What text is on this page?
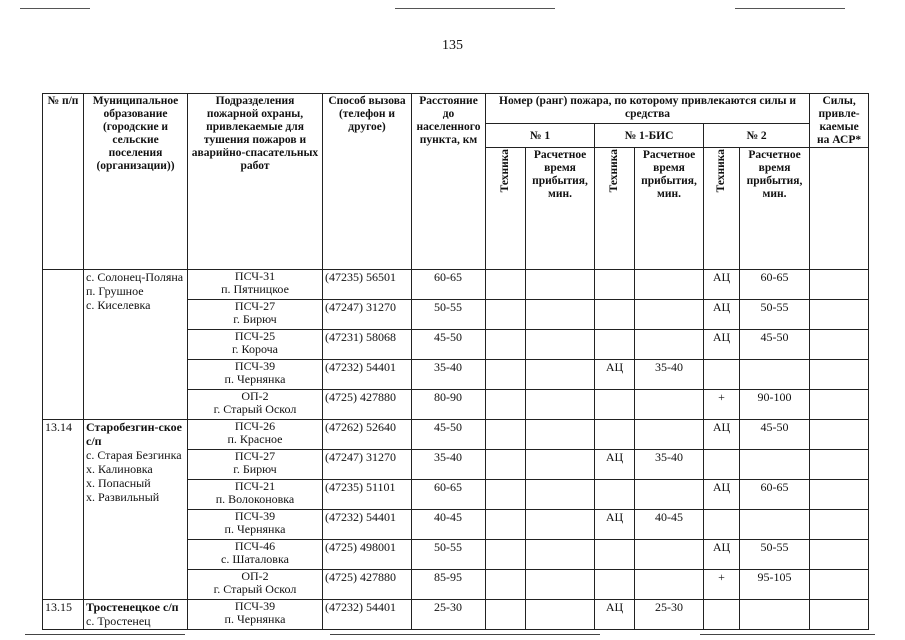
135
№ п/п	Муниципальное образование (городские и сельские поселения (организации))	Подразделения пожарной охраны, привлекаемые для тушения пожаров и аварийно-спасательных работ	Способ вызова (телефон и другое)	Расстояние до населенного пункта, км	Номер (ранг) пожара, по которому привлекаются силы и средства						Силы, привле-каемые на АСР*
					№ 1		№ 1-БИС		№ 2		
					Техника	Расчетное время прибытия, мин.	Техника	Расчетное время прибытия, мин.	Техника	Расчетное время прибытия, мин.	

	с. Солонец-Поляна
п. Грушное
с. Киселевка	ПСЧ-31
п. Пятницкое	(47235) 56501	60-65					АЦ	60-65	

		ПСЧ-27
г. Бирюч	(47247) 31270	50-55					АЦ	50-55	

		ПСЧ-25
г. Короча	(47231) 58068	45-50					АЦ	45-50	

		ПСЧ-39
п. Чернянка	(47232) 54401	35-40			АЦ	35-40			

		ОП-2
г. Старый Оскол	(4725) 427880	80-90					+	90-100	
13.14	Старобезгин-ское с/п
с. Старая Безгинка
х. Калиновка
х. Попасный
х. Развильный	ПСЧ-26
п. Красное	(47262) 52640	45-50					АЦ	45-50	

		ПСЧ-27
г. Бирюч	(47247) 31270	35-40			АЦ	35-40			

		ПСЧ-21
п. Волоконовка	(47235) 51101	60-65					АЦ	60-65	

		ПСЧ-39
п. Чернянка	(47232) 54401	40-45			АЦ	40-45			

		ПСЧ-46
с. Шаталовка	(4725) 498001	50-55					АЦ	50-55	

		ОП-2
г. Старый Оскол	(4725) 427880	85-95					+	95-105	
13.15	Тростенецкое с/п
с. Тростенец	ПСЧ-39
п. Чернянка	(47232) 54401	25-30			АЦ	25-30			
